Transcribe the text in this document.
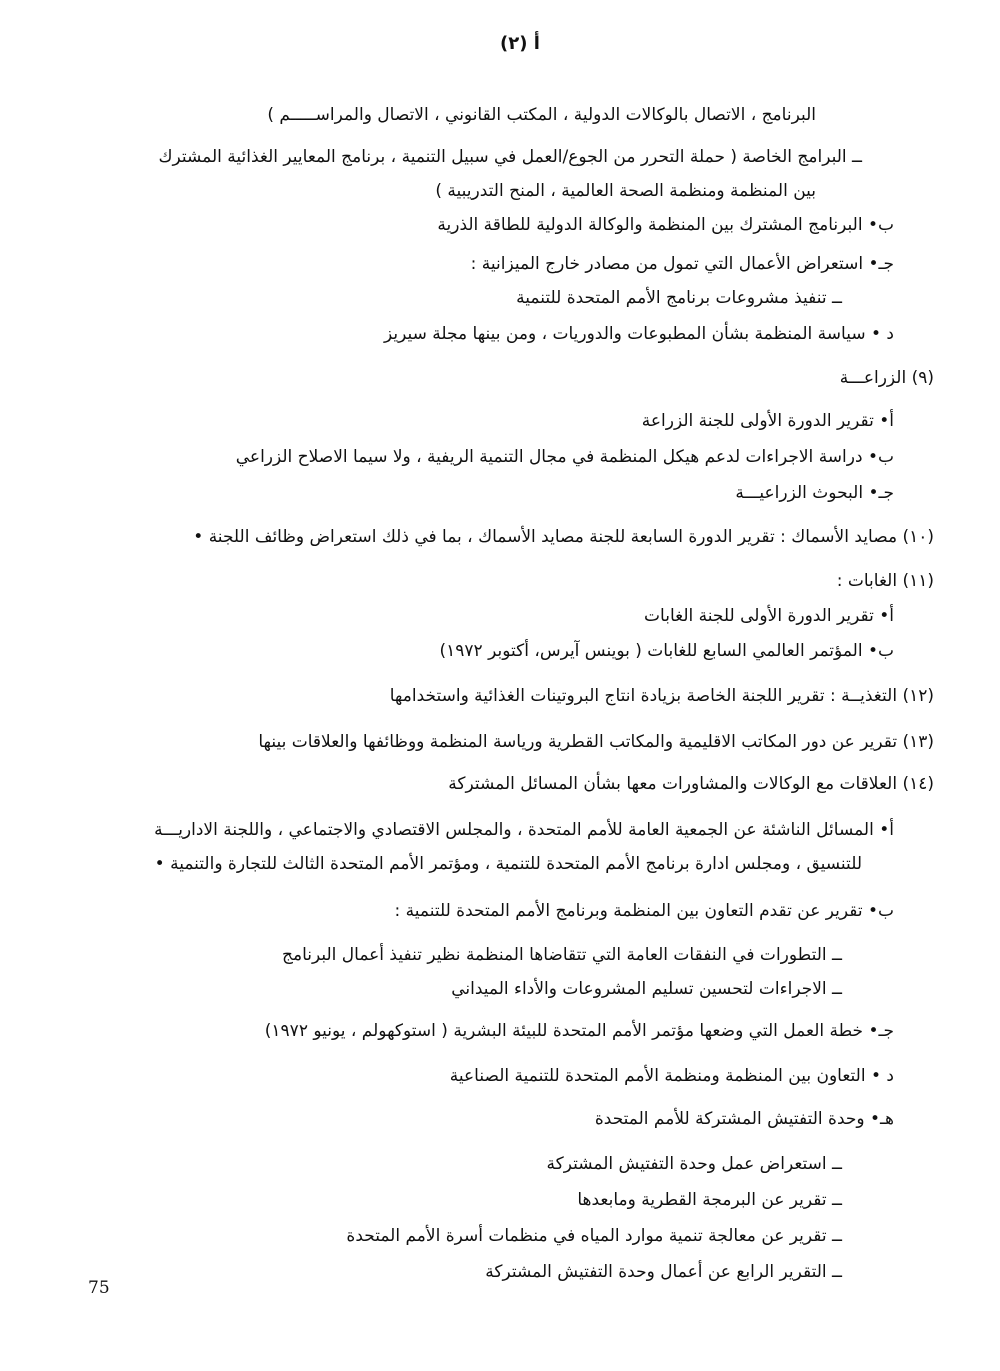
أ (٢)
البرنامج ، الاتصال بالوكالات الدولية ، المكتب القانوني ، الاتصال والمراســـــم )
ــ البرامج الخاصة ( حملة التحرر من الجوع/العمل في سبيل التنمية ، برنامج المعايير الغذائية المشترك
بين المنظمة ومنظمة الصحة العالمية ، المنح التدريبية )
ب• البرنامج المشترك بين المنظمة والوكالة الدولية للطاقة الذرية
جـ• استعراض الأعمال التي تمول من مصادر خارج الميزانية :
ــ تنفيذ مشروعات برنامج الأمم المتحدة للتنمية
د • سياسة المنظمة بشأن المطبوعات والدوريات ، ومن بينها مجلة سيريز
(٩) الزراعـــة
أ• تقرير الدورة الأولى للجنة الزراعة
ب• دراسة الاجراءات لدعم هيكل المنظمة في مجال التنمية الريفية ، ولا سيما الاصلاح الزراعي
جـ• البحوث الزراعيـــة
(١٠) مصايد الأسماك : تقرير الدورة السابعة للجنة مصايد الأسماك ، بما في ذلك استعراض وظائف اللجنة •
(١١) الغابات :
أ• تقرير الدورة الأولى للجنة الغابات
ب• المؤتمر العالمي السابع للغابات ( بوينس آيرس، أكتوبر ١٩٧٢)
(١٢) التغذيــة : تقرير اللجنة الخاصة بزيادة انتاج البروتينات الغذائية واستخدامها
(١٣) تقرير عن دور المكاتب الاقليمية والمكاتب القطرية ورياسة المنظمة ووظائفها والعلاقات بينها
(١٤) العلاقات مع الوكالات والمشاورات معها بشأن المسائل المشتركة
أ• المسائل الناشئة عن الجمعية العامة للأمم المتحدة ، والمجلس الاقتصادي والاجتماعي ، واللجنة الاداريـــة
للتنسيق ، ومجلس ادارة برنامج الأمم المتحدة للتنمية ، ومؤتمر الأمم المتحدة الثالث للتجارة والتنمية •
ب• تقرير عن تقدم التعاون بين المنظمة وبرنامج الأمم المتحدة للتنمية :
ــ التطورات في النفقات العامة التي تتقاضاها المنظمة نظير تنفيذ أعمال البرنامج
ــ الاجراءات لتحسين تسليم المشروعات والأداء الميداني
جـ• خطة العمل التي وضعها مؤتمر الأمم المتحدة للبيئة البشرية ( استوكهولم ، يونيو ١٩٧٢)
د • التعاون بين المنظمة ومنظمة الأمم المتحدة للتنمية الصناعية
هـ• وحدة التفتيش المشتركة للأمم المتحدة
ــ استعراض عمل وحدة التفتيش المشتركة
ــ تقرير عن البرمجة القطرية ومابعدها
ــ تقرير عن معالجة تنمية موارد المياه في منظمات أسرة الأمم المتحدة
ــ التقرير الرابع عن أعمال وحدة التفتيش المشتركة
75
